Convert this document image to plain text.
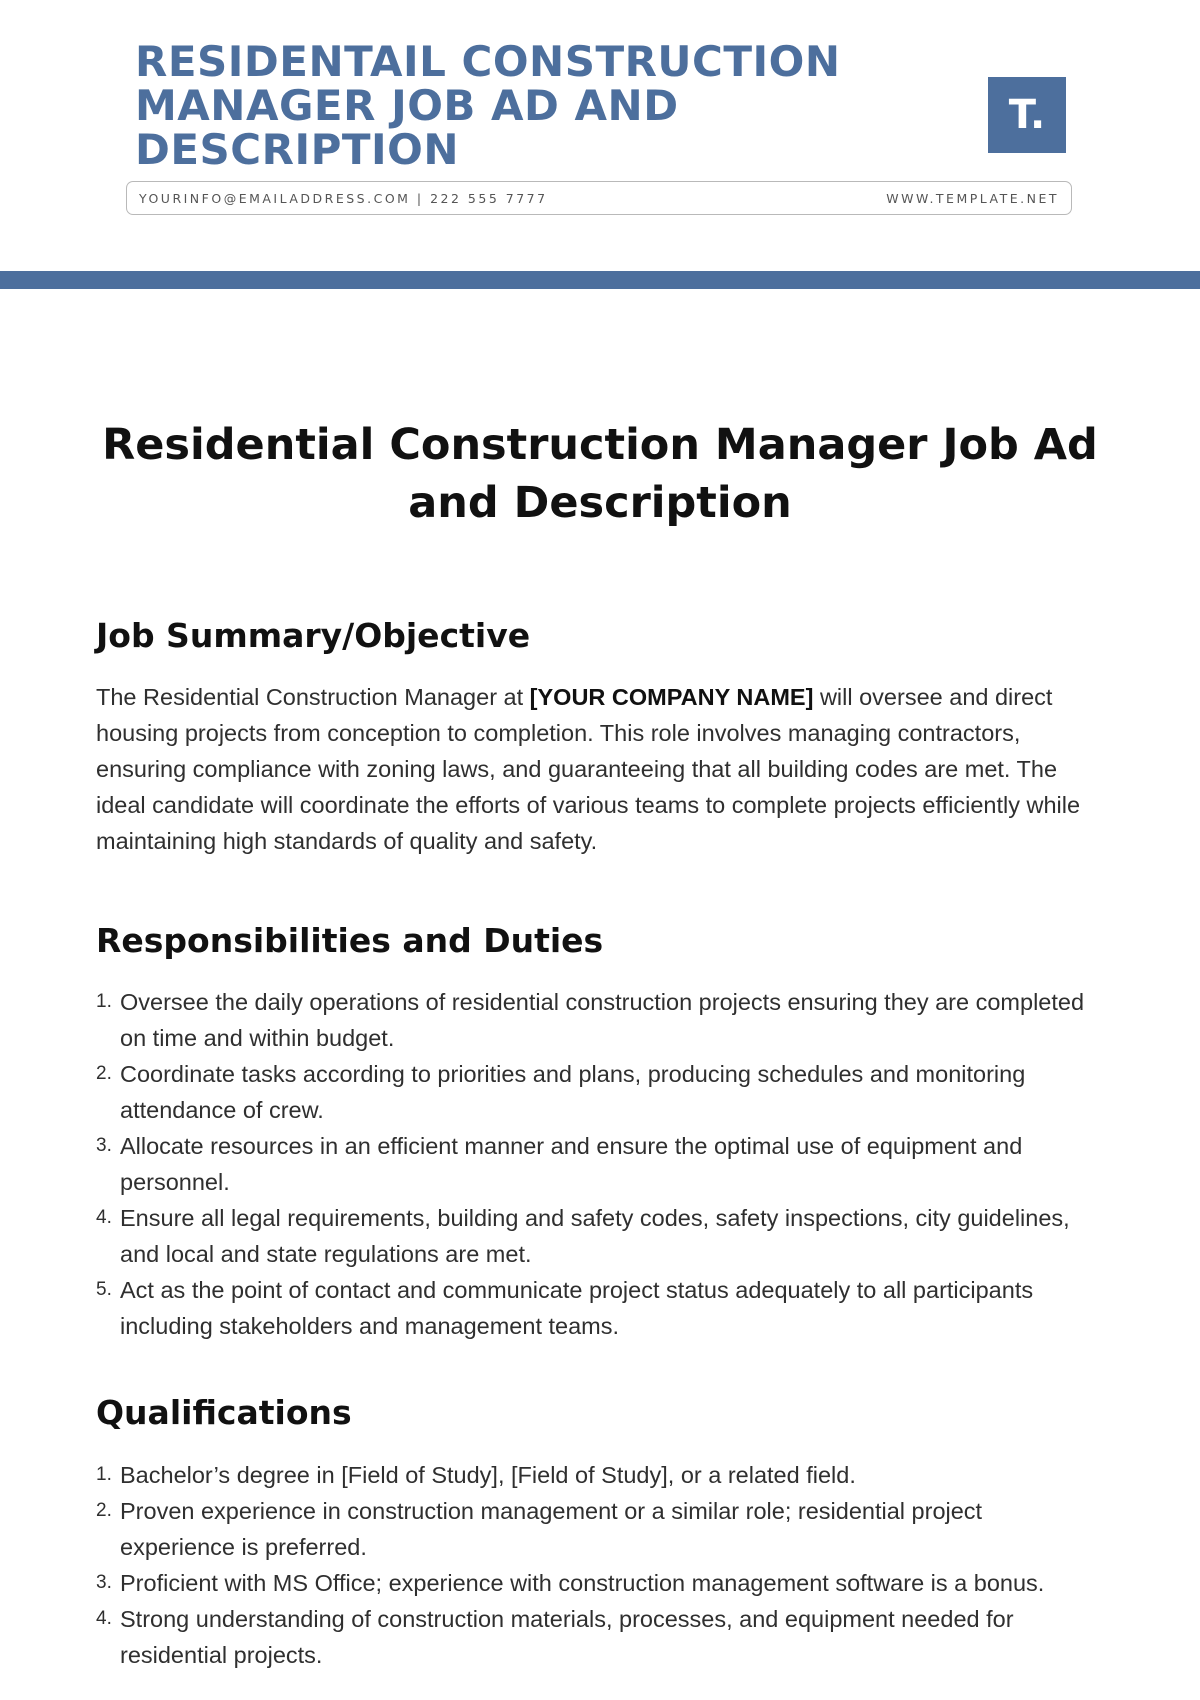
RESIDENTAIL CONSTRUCTION MANAGER JOB AD AND DESCRIPTION
T.
YOURINFO@EMAILADDRESS.COM | 222 555 7777	WWW.TEMPLATE.NET
Residential Construction Manager Job Ad and Description
Job Summary/Objective

The Residential Construction Manager at [YOUR COMPANY NAME] will oversee and direct housing projects from conception to completion. This role involves managing contractors, ensuring compliance with zoning laws, and guaranteeing that all building codes are met. The ideal candidate will coordinate the efforts of various teams to complete projects efficiently while maintaining high standards of quality and safety.

Responsibilities and Duties
1. Oversee the daily operations of residential construction projects ensuring they are completed on time and within budget.
2. Coordinate tasks according to priorities and plans, producing schedules and monitoring attendance of crew.
3. Allocate resources in an efficient manner and ensure the optimal use of equipment and personnel.
4. Ensure all legal requirements, building and safety codes, safety inspections, city guidelines, and local and state regulations are met.
5. Act as the point of contact and communicate project status adequately to all participants including stakeholders and management teams.
Qualifications
1. Bachelor’s degree in [Field of Study], [Field of Study], or a related field.
2. Proven experience in construction management or a similar role; residential project experience is preferred.
3. Proficient with MS Office; experience with construction management software is a bonus.
4. Strong understanding of construction materials, processes, and equipment needed for residential projects.
